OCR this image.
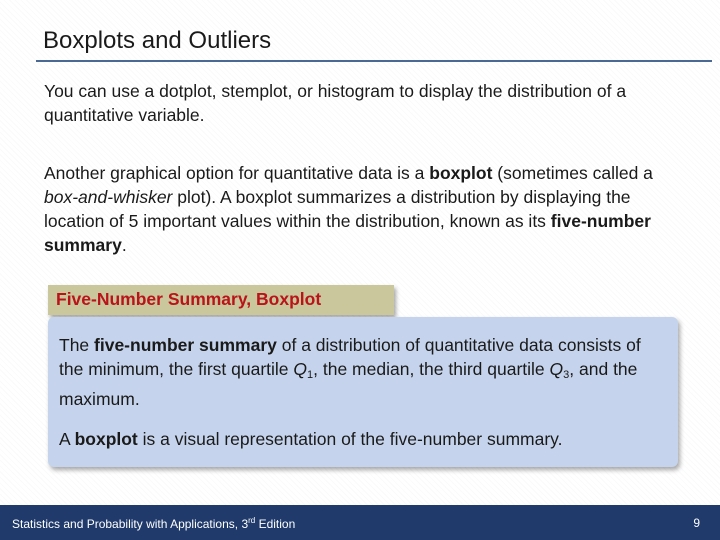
Boxplots and Outliers
You can use a dotplot, stemplot, or histogram to display the distribution of a quantitative variable.
Another graphical option for quantitative data is a boxplot (sometimes called a box-and-whisker plot). A boxplot summarizes a distribution by displaying the location of 5 important values within the distribution, known as its five-number summary.
Five-Number Summary, Boxplot
The five-number summary of a distribution of quantitative data consists of the minimum, the first quartile $Q_1$, the median, the third quartile $Q_3$, and the maximum.
A boxplot is a visual representation of the five-number summary.
Statistics and Probability with Applications, 3rd Edition	9
